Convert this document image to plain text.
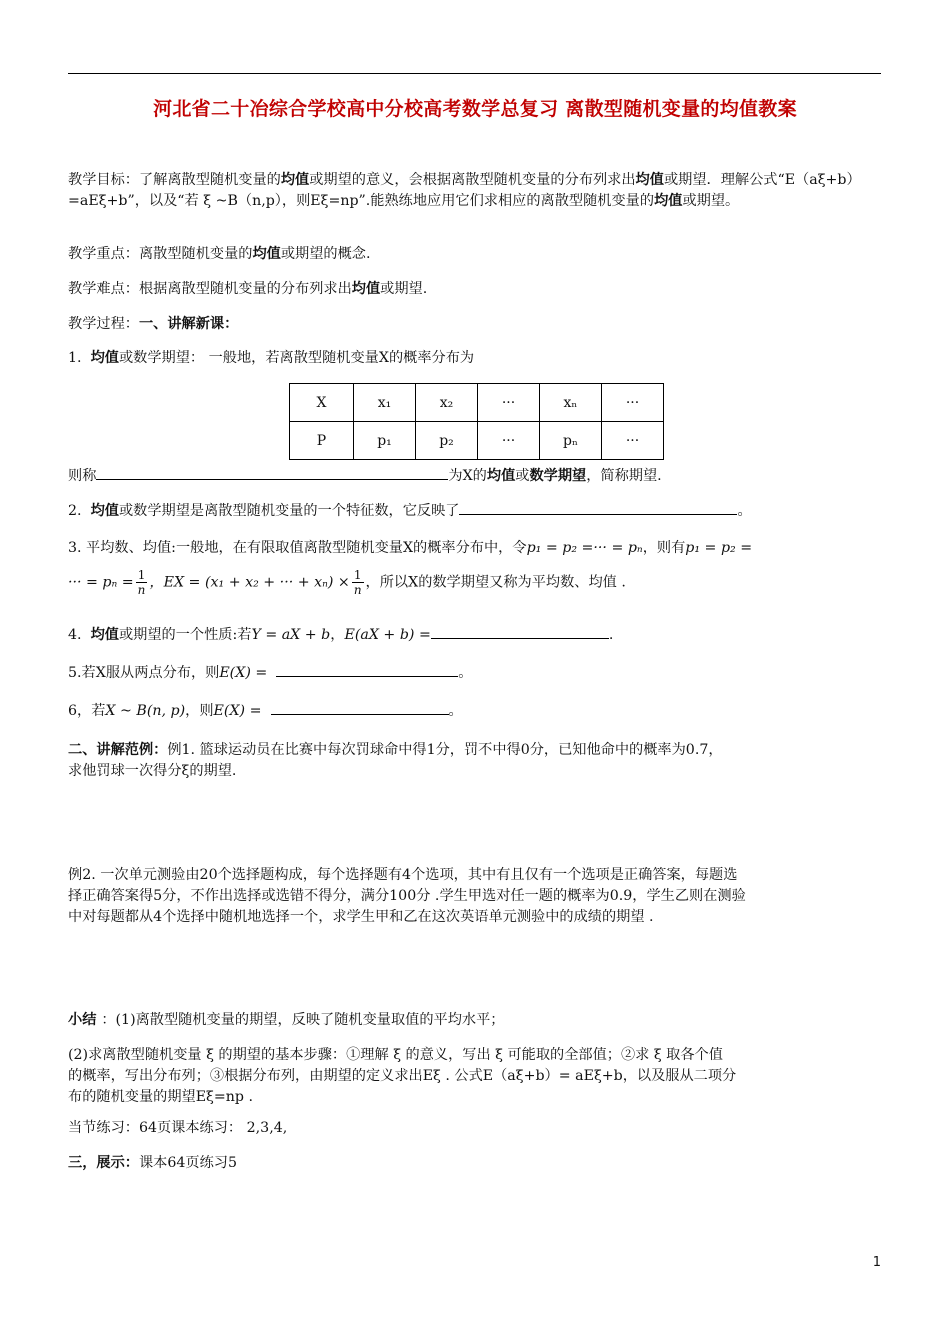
河北省二十冶综合学校高中分校高考数学总复习 离散型随机变量的均值教案
教学目标：了解离散型随机变量的均值或期望的意义，会根据离散型随机变量的分布列求出均值或期望．理解公式“E（aξ+b）=aEξ+b”，以及“若 ξ ~B（n,p），则Eξ=np”.能熟练地应用它们求相应的离散型随机变量的均值或期望。
教学重点：离散型随机变量的均值或期望的概念.
教学难点：根据离散型随机变量的分布列求出均值或期望.
教学过程：一、讲解新课：
1. 均值或数学期望： 一般地，若离散型随机变量X的概率分布为
X	x₁	x₂	···	xₙ	···
P	p₁	p₂	···	pₙ	···
则称	为X的均值或数学期望，简称期望.
2. 均值或数学期望是离散型随机变量的一个特征数，它反映了	。
3. 平均数、均值:一般地，在有限取值离散型随机变量X的概率分布中，令p₁ = p₂ =··· = pₙ，则有p₁ = p₂ =
··· = $p_n = \frac{1}{n}$ ，EX = (x₁ + x₂ + ··· + $x_n) \times \frac{1}{n}$ ，所以X的数学期望又称为平均数、均值 .
4. 均值或期望的一个性质:若Y = aX + b，E(aX + b) =	.
5.若X服从两点分布，则E(X) =	。
6，若X ~ B(n, p)，则E(X) =	。
二、讲解范例：例1. 篮球运动员在比赛中每次罚球命中得1分，罚不中得0分，已知他命中的概率为0.7，
求他罚球一次得分ξ的期望.
例2. 一次单元测验由20个选择题构成，每个选择题有4个选项，其中有且仅有一个选项是正确答案，每题选
择正确答案得5分，不作出选择或选错不得分，满分100分 .学生甲选对任一题的概率为0.9，学生乙则在测验
中对每题都从4个选择中随机地选择一个，求学生甲和乙在这次英语单元测验中的成绩的期望 .
小结 ：(1)离散型随机变量的期望，反映了随机变量取值的平均水平；
(2)求离散型随机变量 ξ 的期望的基本步骤：①理解 ξ 的意义，写出 ξ 可能取的全部值；②求 ξ 取各个值
的概率，写出分布列；③根据分布列，由期望的定义求出Eξ . 公式E（aξ+b）= aEξ+b，以及服从二项分
布的随机变量的期望Eξ=np .
当节练习：64页课本练习： 2,3,4,
三，展示：课本64页练习5
1
